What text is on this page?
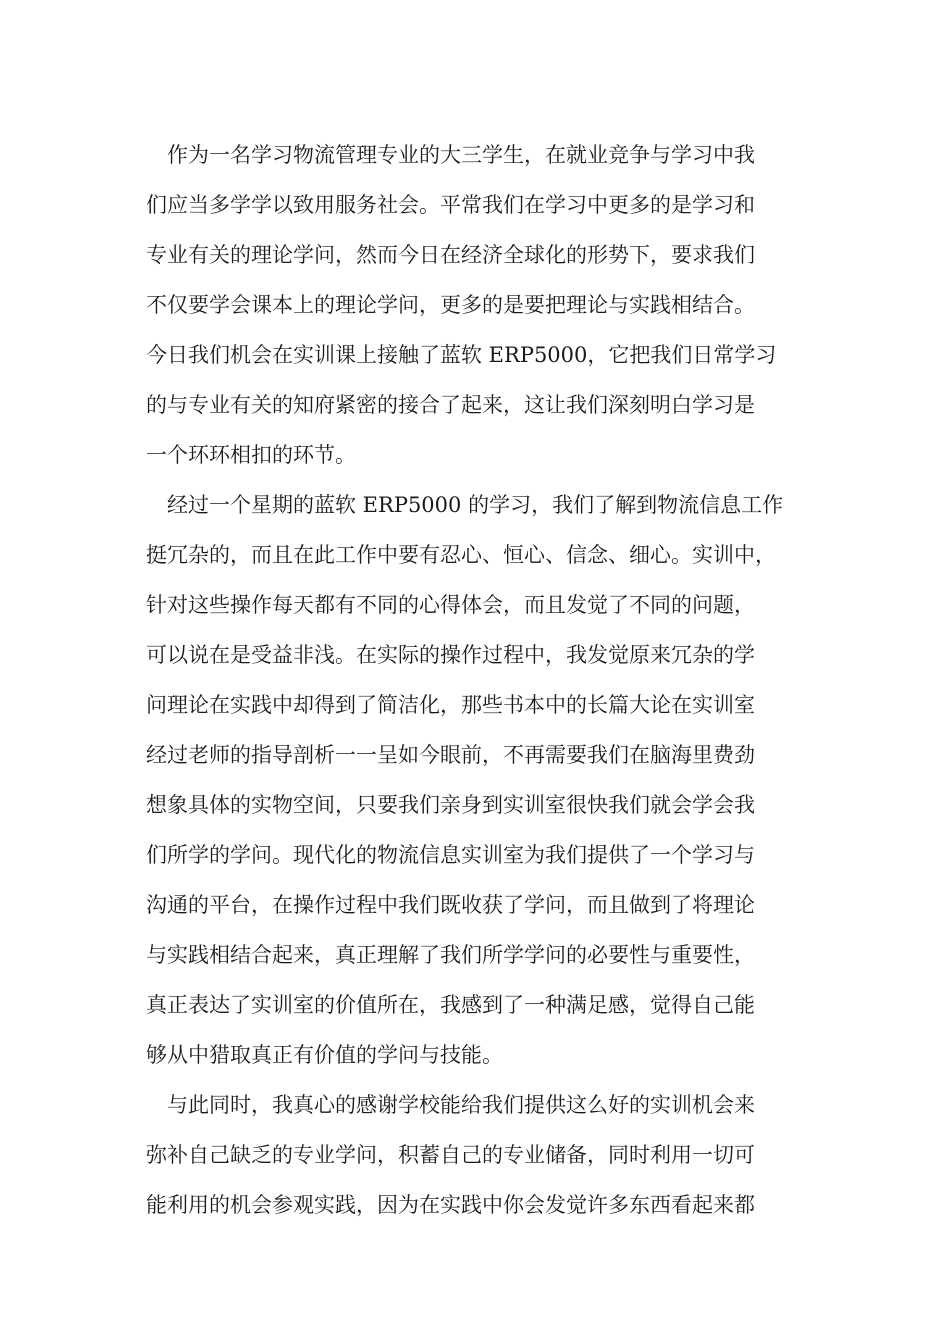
作为一名学习物流管理专业的大三学生，在就业竞争与学习中我
们应当多学学以致用服务社会。平常我们在学习中更多的是学习和
专业有关的理论学问，然而今日在经济全球化的形势下，要求我们
不仅要学会课本上的理论学问，更多的是要把理论与实践相结合。
今日我们机会在实训课上接触了蓝软 ERP5000，它把我们日常学习
的与专业有关的知府紧密的接合了起来，这让我们深刻明白学习是
一个环环相扣的环节。
经过一个星期的蓝软 ERP5000 的学习，我们了解到物流信息工作
挺冗杂的，而且在此工作中要有忍心、恒心、信念、细心。实训中，
针对这些操作每天都有不同的心得体会，而且发觉了不同的问题，
可以说在是受益非浅。在实际的操作过程中，我发觉原来冗杂的学
问理论在实践中却得到了简洁化，那些书本中的长篇大论在实训室
经过老师的指导剖析一一呈如今眼前，不再需要我们在脑海里费劲
想象具体的实物空间，只要我们亲身到实训室很快我们就会学会我
们所学的学问。现代化的物流信息实训室为我们提供了一个学习与
沟通的平台，在操作过程中我们既收获了学问，而且做到了将理论
与实践相结合起来，真正理解了我们所学学问的必要性与重要性，
真正表达了实训室的价值所在，我感到了一种满足感，觉得自己能
够从中猎取真正有价值的学问与技能。
与此同时，我真心的感谢学校能给我们提供这么好的实训机会来
弥补自己缺乏的专业学问，积蓄自己的专业储备，同时利用一切可
能利用的机会参观实践，因为在实践中你会发觉许多东西看起来都
